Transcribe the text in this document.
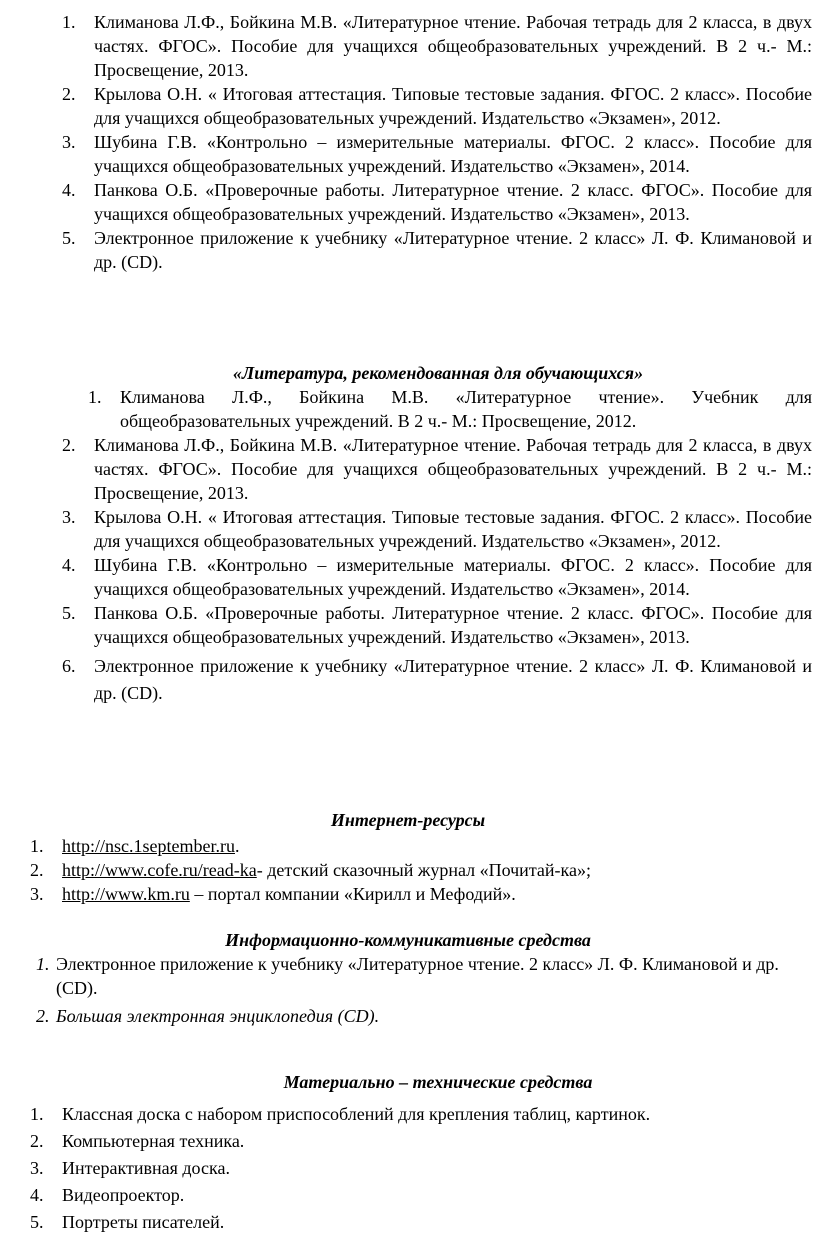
1.	Климанова Л.Ф., Бойкина М.В. «Литературное чтение. Рабочая тетрадь для 2 класса, в двух частях. ФГОС». Пособие для учащихся общеобразовательных учреждений. В 2 ч.- М.: Просвещение, 2013.
2.	Крылова О.Н. « Итоговая аттестация. Типовые тестовые задания. ФГОС. 2 класс». Пособие для учащихся общеобразовательных учреждений. Издательство «Экзамен», 2012.
3.	Шубина Г.В. «Контрольно – измерительные материалы. ФГОС. 2 класс». Пособие для учащихся общеобразовательных учреждений. Издательство «Экзамен», 2014.
4.	Панкова О.Б. «Проверочные работы. Литературное чтение. 2 класс. ФГОС». Пособие для учащихся общеобразовательных учреждений. Издательство «Экзамен», 2013.
5.	Электронное приложение к учебнику «Литературное чтение. 2 класс» Л. Ф. Климановой и др. (CD).
«Литература, рекомендованная для обучающихся»
1.	Климанова Л.Ф., Бойкина М.В. «Литературное чтение». Учебник для общеобразовательных учреждений. В 2 ч.- М.: Просвещение, 2012.
2.	Климанова Л.Ф., Бойкина М.В. «Литературное чтение. Рабочая тетрадь для 2 класса, в двух частях. ФГОС». Пособие для учащихся общеобразовательных учреждений. В 2 ч.- М.: Просвещение, 2013.
3.	Крылова О.Н. « Итоговая аттестация. Типовые тестовые задания. ФГОС. 2 класс». Пособие для учащихся общеобразовательных учреждений. Издательство «Экзамен», 2012.
4.	Шубина Г.В. «Контрольно – измерительные материалы. ФГОС. 2 класс». Пособие для учащихся общеобразовательных учреждений. Издательство «Экзамен», 2014.
5.	Панкова О.Б. «Проверочные работы. Литературное чтение. 2 класс. ФГОС». Пособие для учащихся общеобразовательных учреждений. Издательство «Экзамен», 2013.
6.	Электронное приложение к учебнику «Литературное чтение. 2 класс» Л. Ф. Климановой и др. (CD).
Интернет-ресурсы
1.	http://nsc.1september.ru.
2.	http://www.cofe.ru/read-ka- детский сказочный журнал «Почитай-ка»;
3.	http://www.km.ru – портал компании «Кирилл и Мефодий».
Информационно-коммуникативные средства
1. Электронное приложение к учебнику «Литературное чтение. 2 класс» Л. Ф. Климановой и др. (CD).
2. Большая электронная энциклопедия (CD).
Материально – технические средства
1.	Классная доска с набором приспособлений для крепления таблиц, картинок.
2.	Компьютерная техника.
3.	Интерактивная доска.
4.	Видеопроектор.
5.	Портреты писателей.
